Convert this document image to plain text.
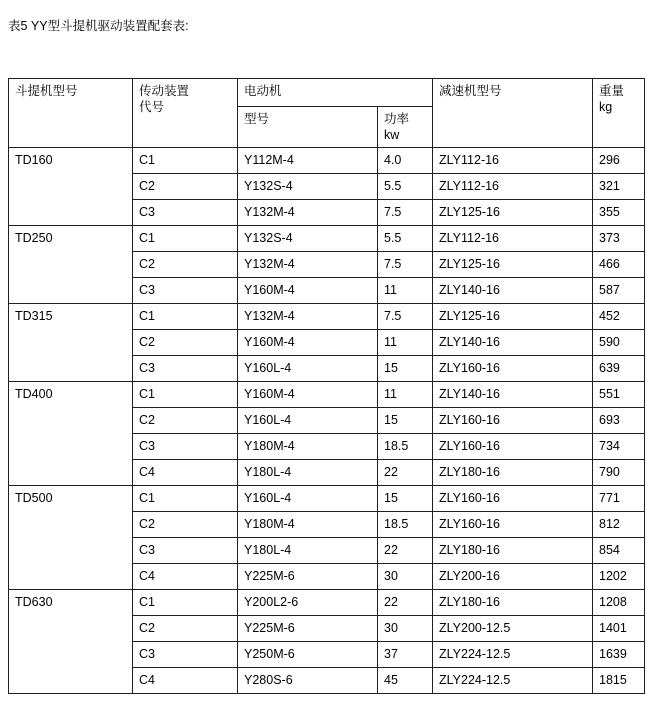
表5 YY型斗提机驱动装置配套表:
斗提机型号	传动装置
代号	电动机		减速机型号	重量
kg

		型号	功率
kw		

TD160	C1	Y112M-4	4.0	ZLY112-16	296
	C2	Y132S-4	5.5	ZLY112-16	321
	C3	Y132M-4	7.5	ZLY125-16	355
TD250	C1	Y132S-4	5.5	ZLY112-16	373
	C2	Y132M-4	7.5	ZLY125-16	466
	C3	Y160M-4	11	ZLY140-16	587
TD315	C1	Y132M-4	7.5	ZLY125-16	452
	C2	Y160M-4	11	ZLY140-16	590
	C3	Y160L-4	15	ZLY160-16	639
TD400	C1	Y160M-4	11	ZLY140-16	551
	C2	Y160L-4	15	ZLY160-16	693
	C3	Y180M-4	18.5	ZLY160-16	734
	C4	Y180L-4	22	ZLY180-16	790
TD500	C1	Y160L-4	15	ZLY160-16	771
	C2	Y180M-4	18.5	ZLY160-16	812
	C3	Y180L-4	22	ZLY180-16	854
	C4	Y225M-6	30	ZLY200-16	1202
TD630	C1	Y200L2-6	22	ZLY180-16	1208
	C2	Y225M-6	30	ZLY200-12.5	1401
	C3	Y250M-6	37	ZLY224-12.5	1639
	C4	Y280S-6	45	ZLY224-12.5	1815
